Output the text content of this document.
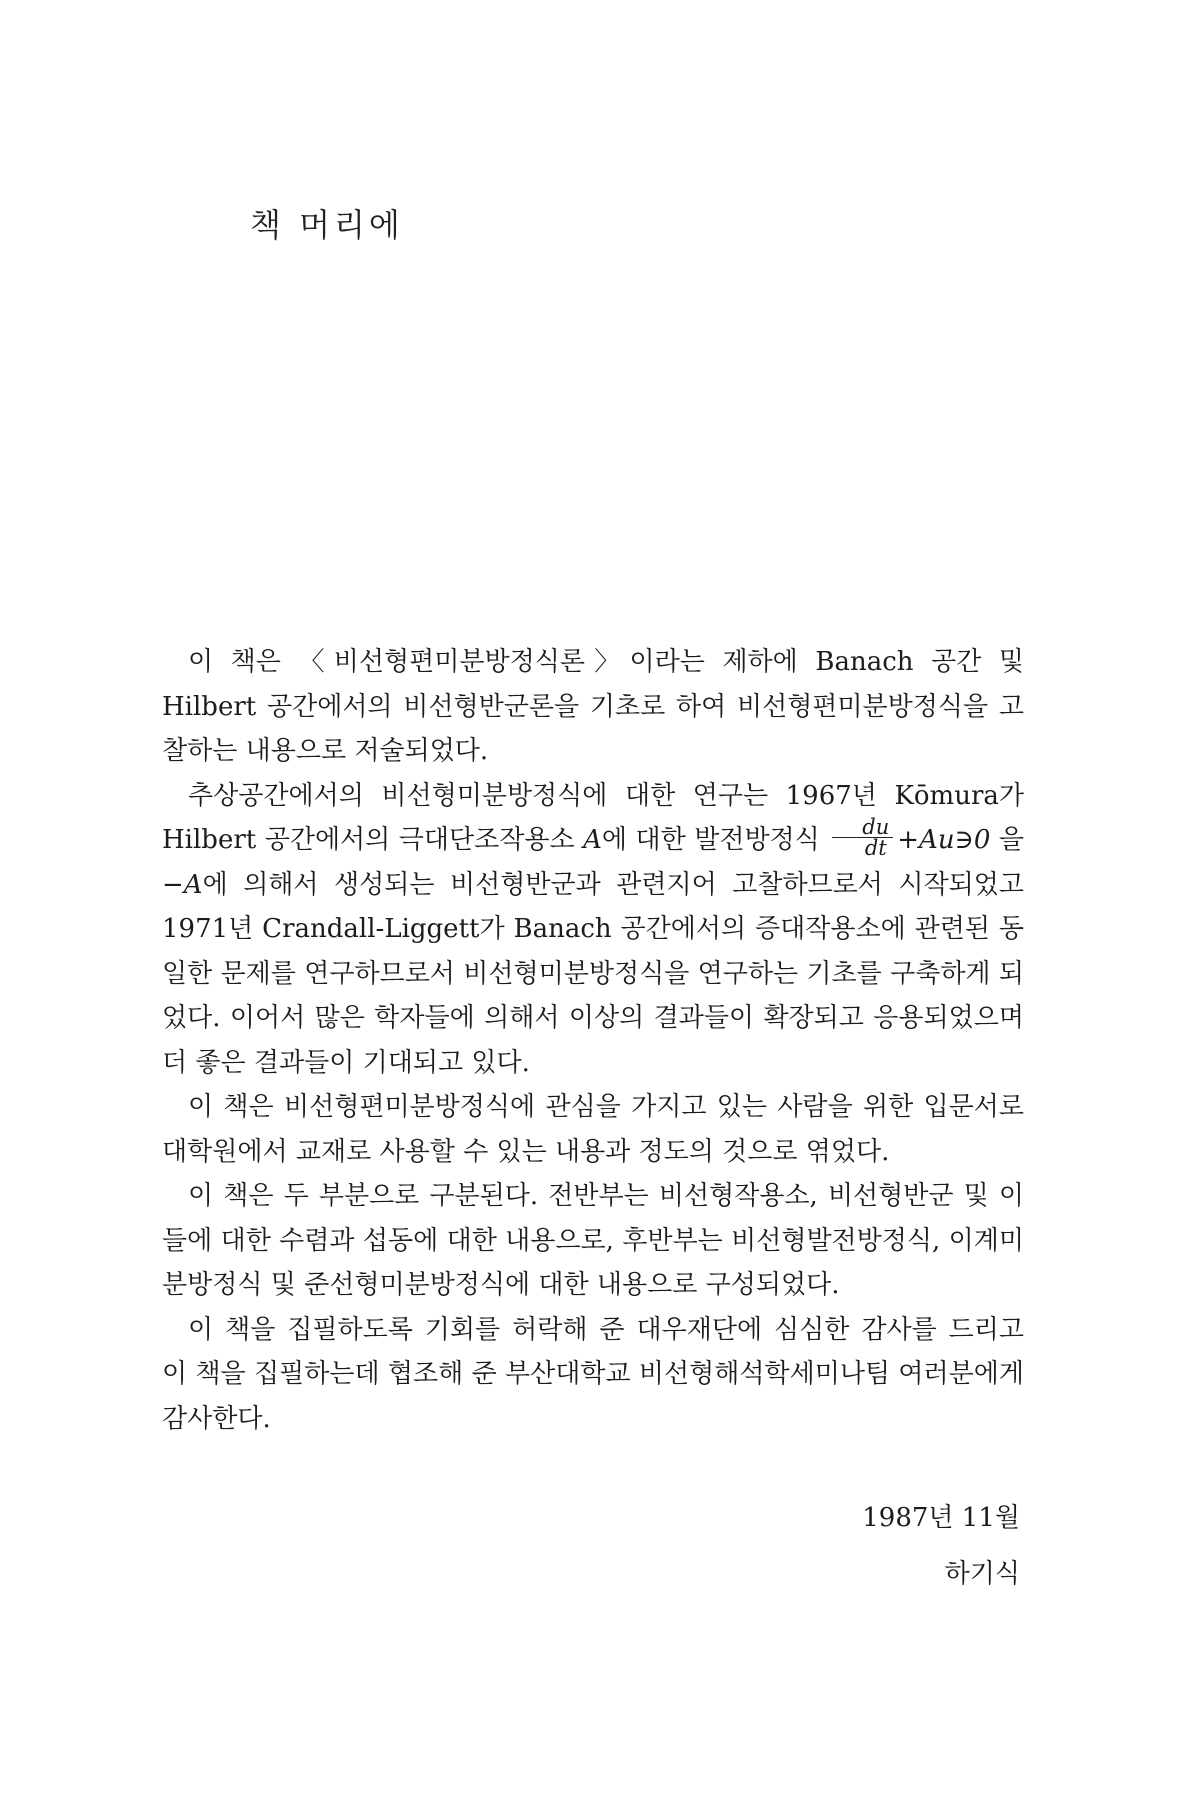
책 머리에

이 책은 〈비선형편미분방정식론〉이라는 제하에 Banach 공간 및 Hilbert 공간에서의 비선형반군론을 기초로 하여 비선형편미분방정식을 고찰하는 내용으로 저술되었다.

추상공간에서의 비선형미분방정식에 대한 연구는 1967년 Kōmura가 Hilbert 공간에서의 극대단조작용소 A에 대한 발전방정식 $\frac{du}{dt}$ +Au∋0 을 −A에 의해서 생성되는 비선형반군과 관련지어 고찰하므로서 시작되었고 1971년 Crandall-Liggett가 Banach 공간에서의 증대작용소에 관련된 동일한 문제를 연구하므로서 비선형미분방정식을 연구하는 기초를 구축하게 되었다. 이어서 많은 학자들에 의해서 이상의 결과들이 확장되고 응용되었으며 더 좋은 결과들이 기대되고 있다.

이 책은 비선형편미분방정식에 관심을 가지고 있는 사람을 위한 입문서로 대학원에서 교재로 사용할 수 있는 내용과 정도의 것으로 엮었다.

이 책은 두 부분으로 구분된다. 전반부는 비선형작용소, 비선형반군 및 이들에 대한 수렴과 섭동에 대한 내용으로, 후반부는 비선형발전방정식, 이계미분방정식 및 준선형미분방정식에 대한 내용으로 구성되었다.

이 책을 집필하도록 기회를 허락해 준 대우재단에 심심한 감사를 드리고 이 책을 집필하는데 협조해 준 부산대학교 비선형해석학세미나팀 여러분에게 감사한다.

1987년 11월
하기식
